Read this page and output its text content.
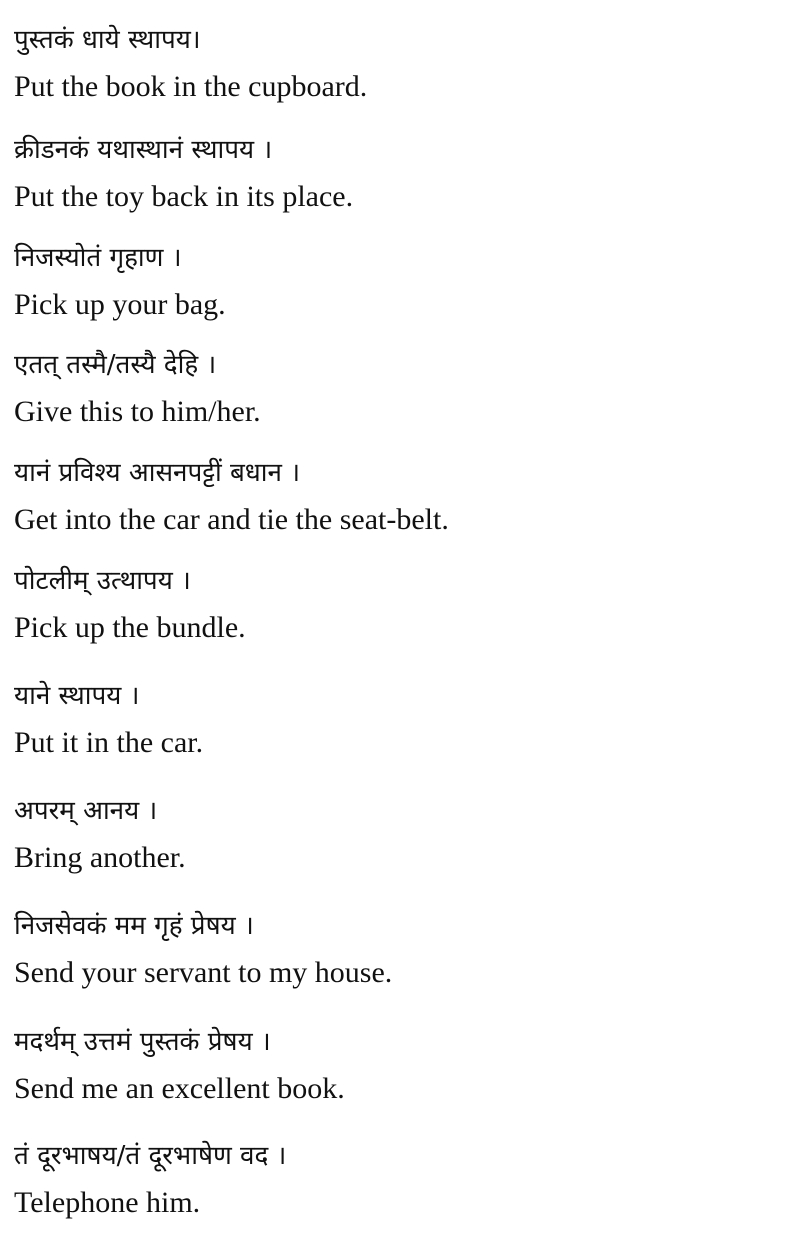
पुस्तकं धाये स्थापय।
Put the book in the cupboard.
क्रीडनकं यथास्थानं स्थापय ।
Put the toy back in its place.
निजस्योतं गृहाण ।
Pick up your bag.
एतत् तस्मै/तस्यै देहि ।
Give this to him/her.
यानं प्रविश्य आसनपट्टीं बधान ।
Get into the car and tie the seat-belt.
पोटलीम् उत्थापय ।
Pick up the bundle.
याने स्थापय ।
Put it in the car.
अपरम् आनय ।
Bring another.
निजसेवकं मम गृहं प्रेषय ।
Send your servant to my house.
मदर्थम् उत्तमं पुस्तकं प्रेषय ।
Send me an excellent book.
तं दूरभाषय/तं दूरभाषेण वद ।
Telephone him.
